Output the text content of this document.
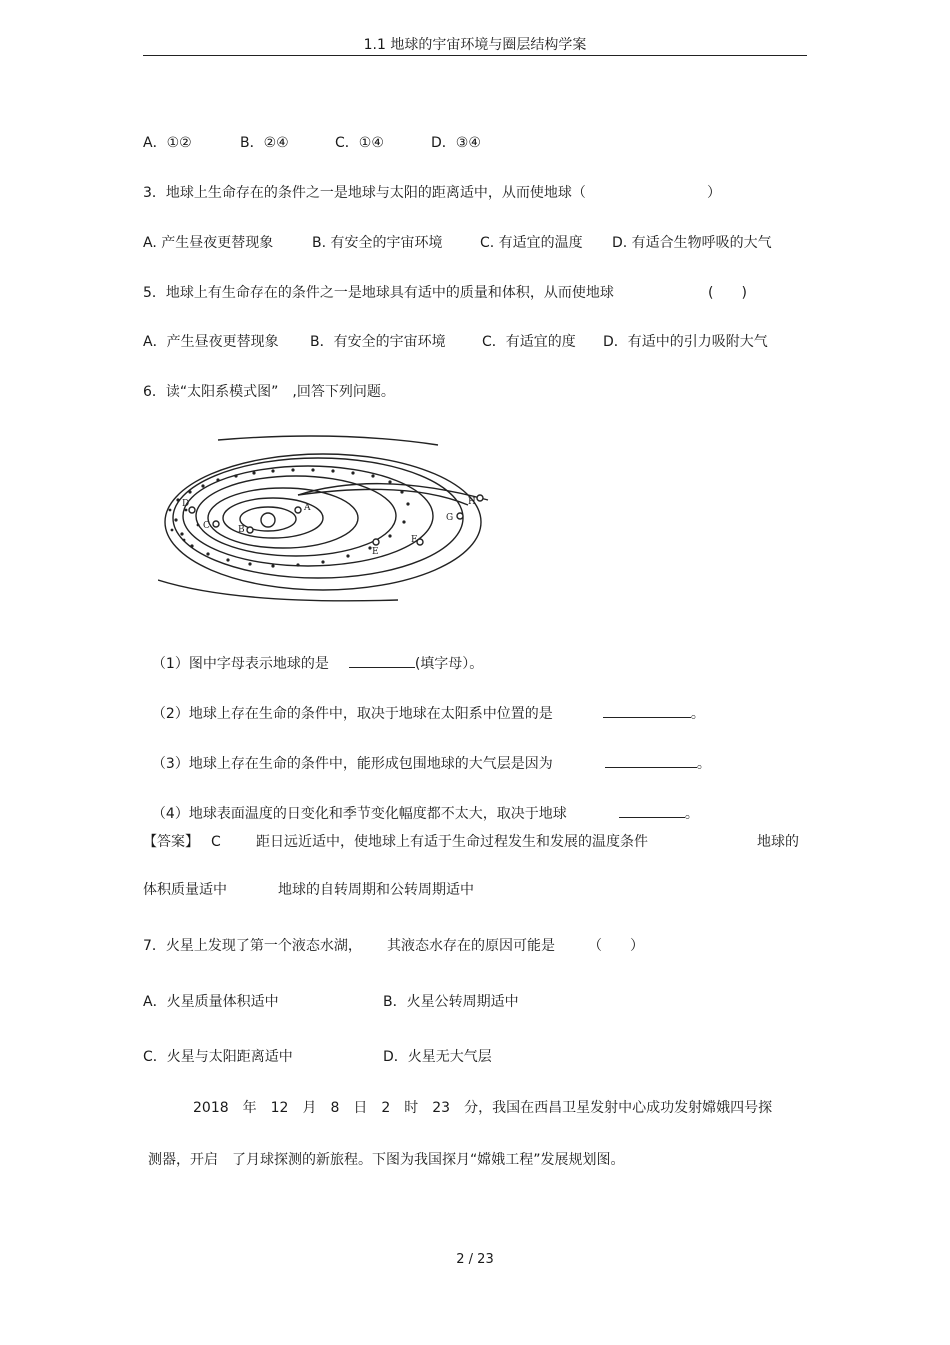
1.1 地球的宇宙环境与圈层结构学案
A．①②	B．②④	C．①④	D．③④
3．地球上生命存在的条件之一是地球与太阳的距离适中，从而使地球（	）
A. 产生昼夜更替现象	B. 有安全的宇宙环境	C. 有适宜的温度 D. 有适合生物呼吸的大气
5．地球上有生命存在的条件之一是地球具有适中的质量和体积，从而使地球	(　　)
A．产生昼夜更替现象 B．有安全的宇宙环境	C．有适宜的度 D．有适中的引力吸附大气
6．读“太阳系模式图”　,回答下列问题。
A
B
C
D
E
F
G
H

（1）图中字母表示地球的是	(填字母）。

（2）地球上存在生命的条件中，取决于地球在太阳系中位置的是	。

（3）地球上存在生命的条件中，能形成包围地球的大气层是因为	。

（4）地球表面温度的日变化和季节变化幅度都不太大，取决于地球	。

【答案】 C	距日远近适中，使地球上有适于生命过程发生和发展的温度条件	地球的
体积质量适中	地球的自转周期和公转周期适中
7．火星上发现了第一个液态水湖， 其液态水存在的原因可能是 （　　）
A．火星质量体积适中	B．火星公转周期适中
C．火星与太阳距离适中	D．火星无大气层
2018　年　12　月　8　日　2　时　23　分，我国在西昌卫星发射中心成功发射嫦娥四号探
测器，开启　了月球探测的新旅程。下图为我国探月“嫦娥工程”发展规划图。
2 / 23
